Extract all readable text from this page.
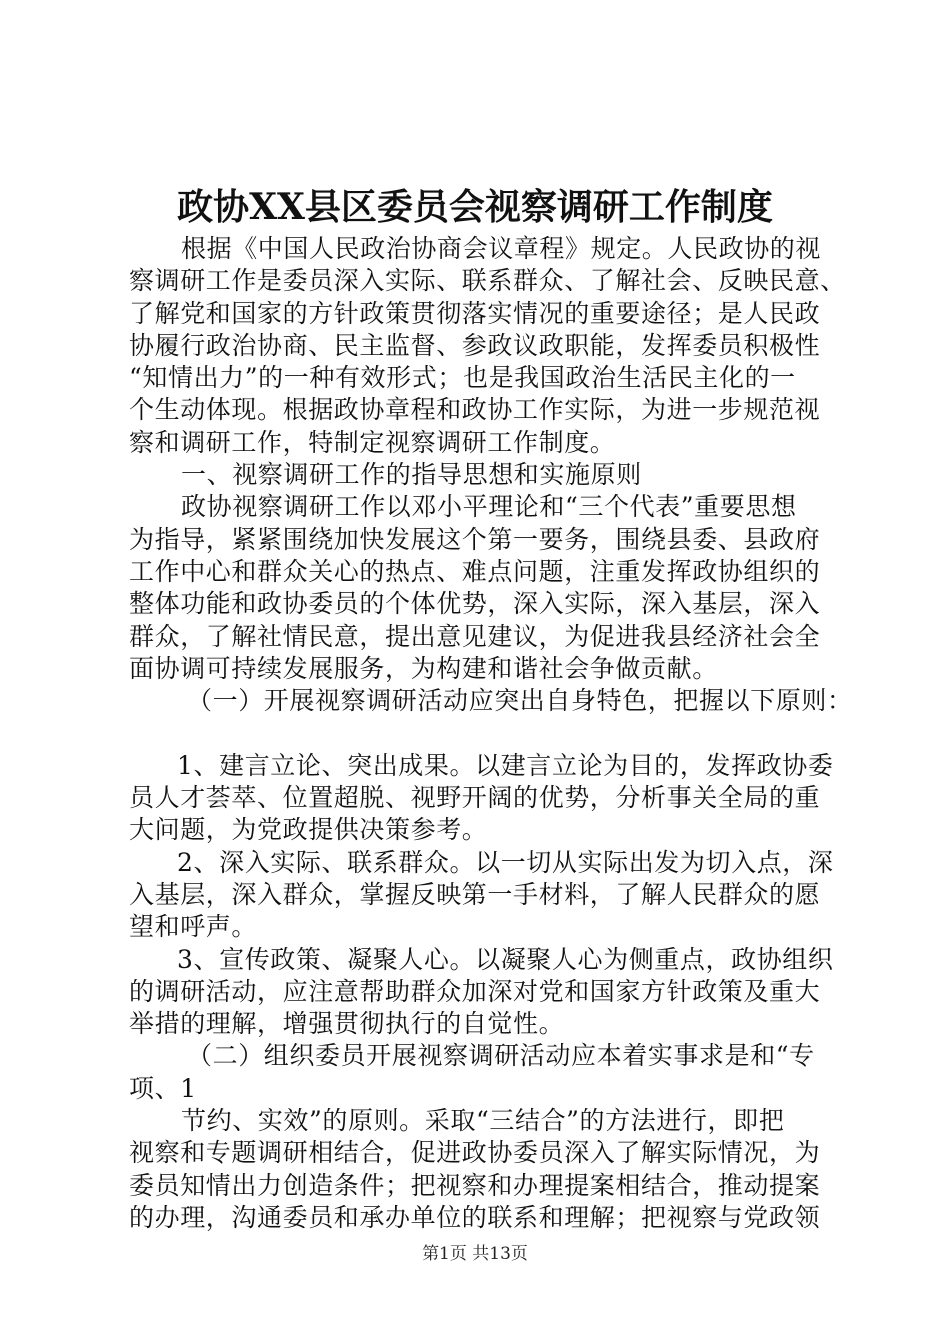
政协XX县区委员会视察调研工作制度
根据《中国人民政治协商会议章程》规定。人民政协的视
察调研工作是委员深入实际、联系群众、了解社会、反映民意、
了解党和国家的方针政策贯彻落实情况的重要途径；是人民政
协履行政治协商、民主监督、参政议政职能，发挥委员积极性
“知情出力”的一种有效形式；也是我国政治生活民主化的一
个生动体现。根据政协章程和政协工作实际，为进一步规范视
察和调研工作，特制定视察调研工作制度。
一、视察调研工作的指导思想和实施原则
政协视察调研工作以邓小平理论和“三个代表”重要思想
为指导，紧紧围绕加快发展这个第一要务，围绕县委、县政府
工作中心和群众关心的热点、难点问题，注重发挥政协组织的
整体功能和政协委员的个体优势，深入实际，深入基层，深入
群众，了解社情民意，提出意见建议，为促进我县经济社会全
面协调可持续发展服务，为构建和谐社会争做贡献。
（一）开展视察调研活动应突出自身特色，把握以下原则：
1、建言立论、突出成果。以建言立论为目的，发挥政协委
员人才荟萃、位置超脱、视野开阔的优势，分析事关全局的重
大问题，为党政提供决策参考。
2、深入实际、联系群众。以一切从实际出发为切入点，深
入基层，深入群众，掌握反映第一手材料，了解人民群众的愿
望和呼声。
3、宣传政策、凝聚人心。以凝聚人心为侧重点，政协组织
的调研活动，应注意帮助群众加深对党和国家方针政策及重大
举措的理解，增强贯彻执行的自觉性。
（二）组织委员开展视察调研活动应本着实事求是和“专
项、1
节约、实效”的原则。采取“三结合”的方法进行，即把
视察和专题调研相结合，促进政协委员深入了解实际情况，为
委员知情出力创造条件；把视察和办理提案相结合，推动提案
的办理，沟通委员和承办单位的联系和理解；把视察与党政领
第1页 共13页
